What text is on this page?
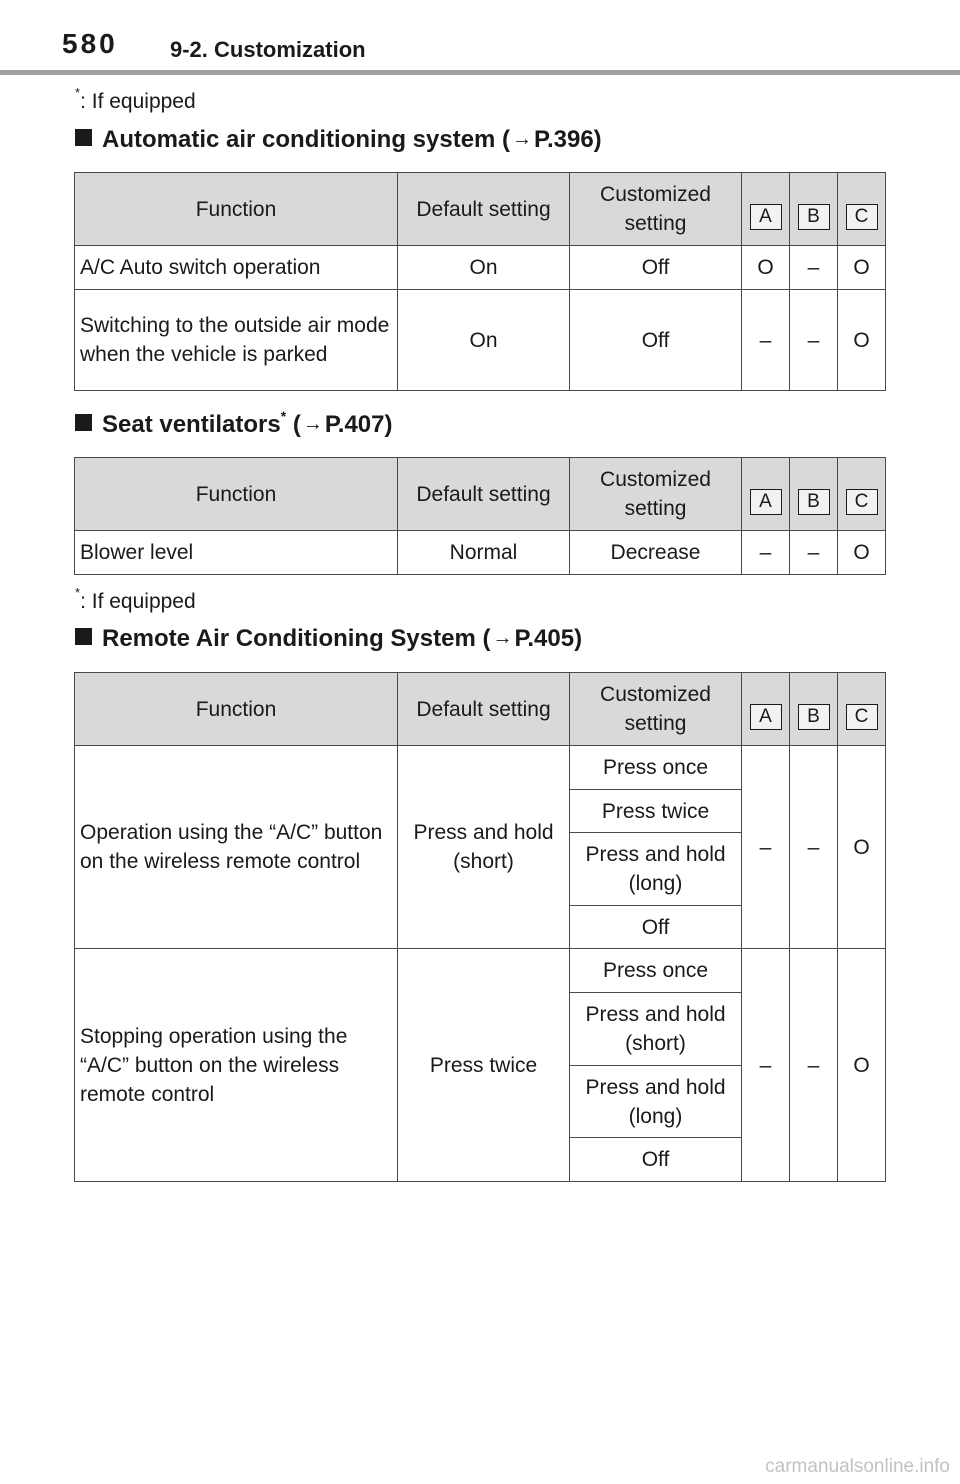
580 9-2. Customization
*: If equipped
Automatic air conditioning system ( →P.396)
Function	Default setting	Customized setting	A	B	C
A/C Auto switch operation	On	Off	O	–	O
Switching to the outside air mode when the vehicle is parked	On	Off	–	–	O
Seat ventilators* ( →P.407)
Function	Default setting	Customized setting	A	B	C
Blower level	Normal	Decrease	–	–	O
*: If equipped
Remote Air Conditioning System ( →P.405)
Function	Default setting	Customized setting	A	B	C
Operation using the “A/C” button on the wireless remote control	Press and hold (short)	Press once	–	–	O
		Press twice			
		Press and hold (long)			
		Off			
Stopping operation using the “A/C” button on the wireless remote control	Press twice	Press once	–	–	O
		Press and hold (short)			
		Press and hold (long)			
		Off			
carmanualsonline.info
